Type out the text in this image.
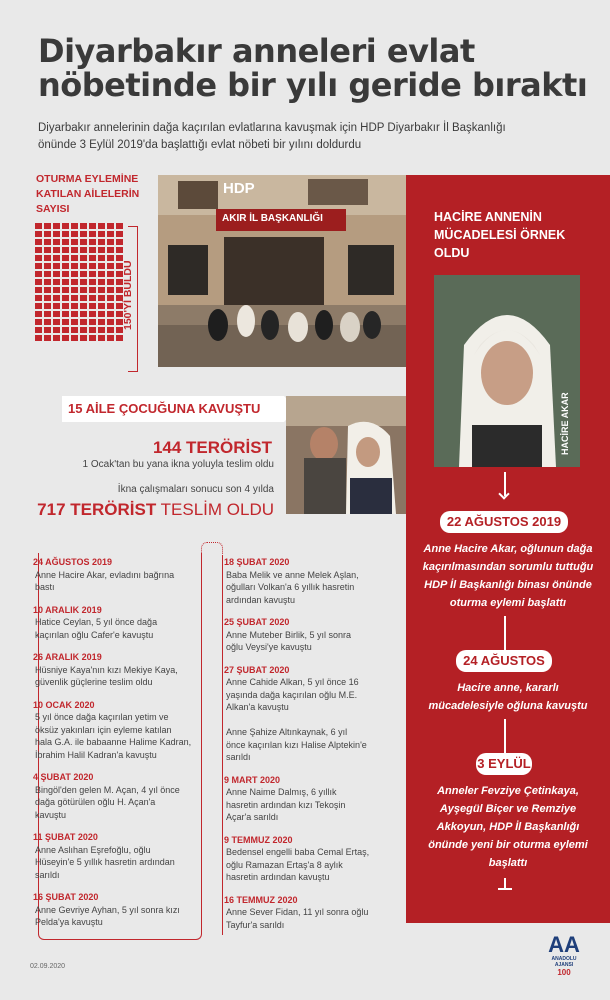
Diyarbakır anneleri evlat
nöbetinde bir yılı geride bıraktı
Diyarbakır annelerinin dağa kaçırılan evlatlarına kavuşmak için HDP Diyarbakır İl Başkanlığı
önünde 3 Eylül 2019'da başlattığı evlat nöbeti bir yılını doldurdu
OTURMA EYLEMİNE
KATILAN AİLELERİN
SAYISI
150'Yİ BULDU
HDP
AKIR İL BAŞKANLIĞI	HACİRE ANNENİN
MÜCADELESİ ÖRNEK
OLDU
HACİRE AKAR
22 AĞUSTOS 2019
Anne Hacire Akar, oğlunun dağa kaçırılmasından sorumlu tuttuğu HDP İl Başkanlığı binası önünde oturma eylemi başlattı
24 AĞUSTOS
Hacire anne, kararlı mücadelesiyle oğluna kavuştu
3 EYLÜL
Anneler Fevziye Çetinkaya, Ayşegül Biçer ve Remziye Akkoyun, HDP İl Başkanlığı önünde yeni bir oturma eylemi başlattı
15 AİLE ÇOCUĞUNA KAVUŞTU
144 TERÖRİST
1 Ocak'tan bu yana ikna yoluyla teslim oldu
İkna çalışmaları sonucu son 4 yılda
717 TERÖRİST TESLİM OLDU
24 AĞUSTOS 2019
Anne Hacire Akar, evladını bağrına
bastı
10 ARALIK 2019
Hatice Ceylan, 5 yıl önce dağa
kaçırılan oğlu Cafer'e kavuştu
26 ARALIK 2019
Hüsniye Kaya'nın kızı Mekiye Kaya,
güvenlik güçlerine teslim oldu
10 OCAK 2020
5 yıl önce dağa kaçırılan yetim ve
öksüz yakınları için eyleme katılan
hala G.A. ile babaanne Halime Kadran,
İbrahim Halil Kadran'a kavuştu
4 ŞUBAT 2020
Bingöl'den gelen M. Açan, 4 yıl önce
dağa götürülen oğlu H. Açan'a
kavuştu
11 ŞUBAT 2020
Anne Aslıhan Eşrefoğlu, oğlu
Hüseyin'e 5 yıllık hasretin ardından
sarıldı
16 ŞUBAT 2020
Anne Gevriye Ayhan, 5 yıl sonra kızı
Pelda'ya kavuştu
18 ŞUBAT 2020
Baba Melik ve anne Melek Aşlan,
oğulları Volkan'a 6 yıllık hasretin
ardından kavuştu
25 ŞUBAT 2020
Anne Muteber Birlik, 5 yıl sonra
oğlu Veysi'ye kavuştu
27 ŞUBAT 2020
Anne Cahide Alkan, 5 yıl önce 16
yaşında dağa kaçırılan oğlu M.E.
Alkan'a kavuştu
Anne Şahize Altınkaynak, 6 yıl
önce kaçırılan kızı Halise Alptekin'e
sarıldı
9 MART 2020
Anne Naime Dalmış, 6 yıllık
hasretin ardından kızı Tekoşin
Açar'a sarıldı
9 TEMMUZ 2020
Bedensel engelli baba Cemal Ertaş,
oğlu Ramazan Ertaş'a 8 aylık
hasretin ardından kavuştu
16 TEMMUZ 2020
Anne Sever Fidan, 11 yıl sonra oğlu
Tayfur'a sarıldı
02.09.2020
AA
ANADOLU AJANSI
100
